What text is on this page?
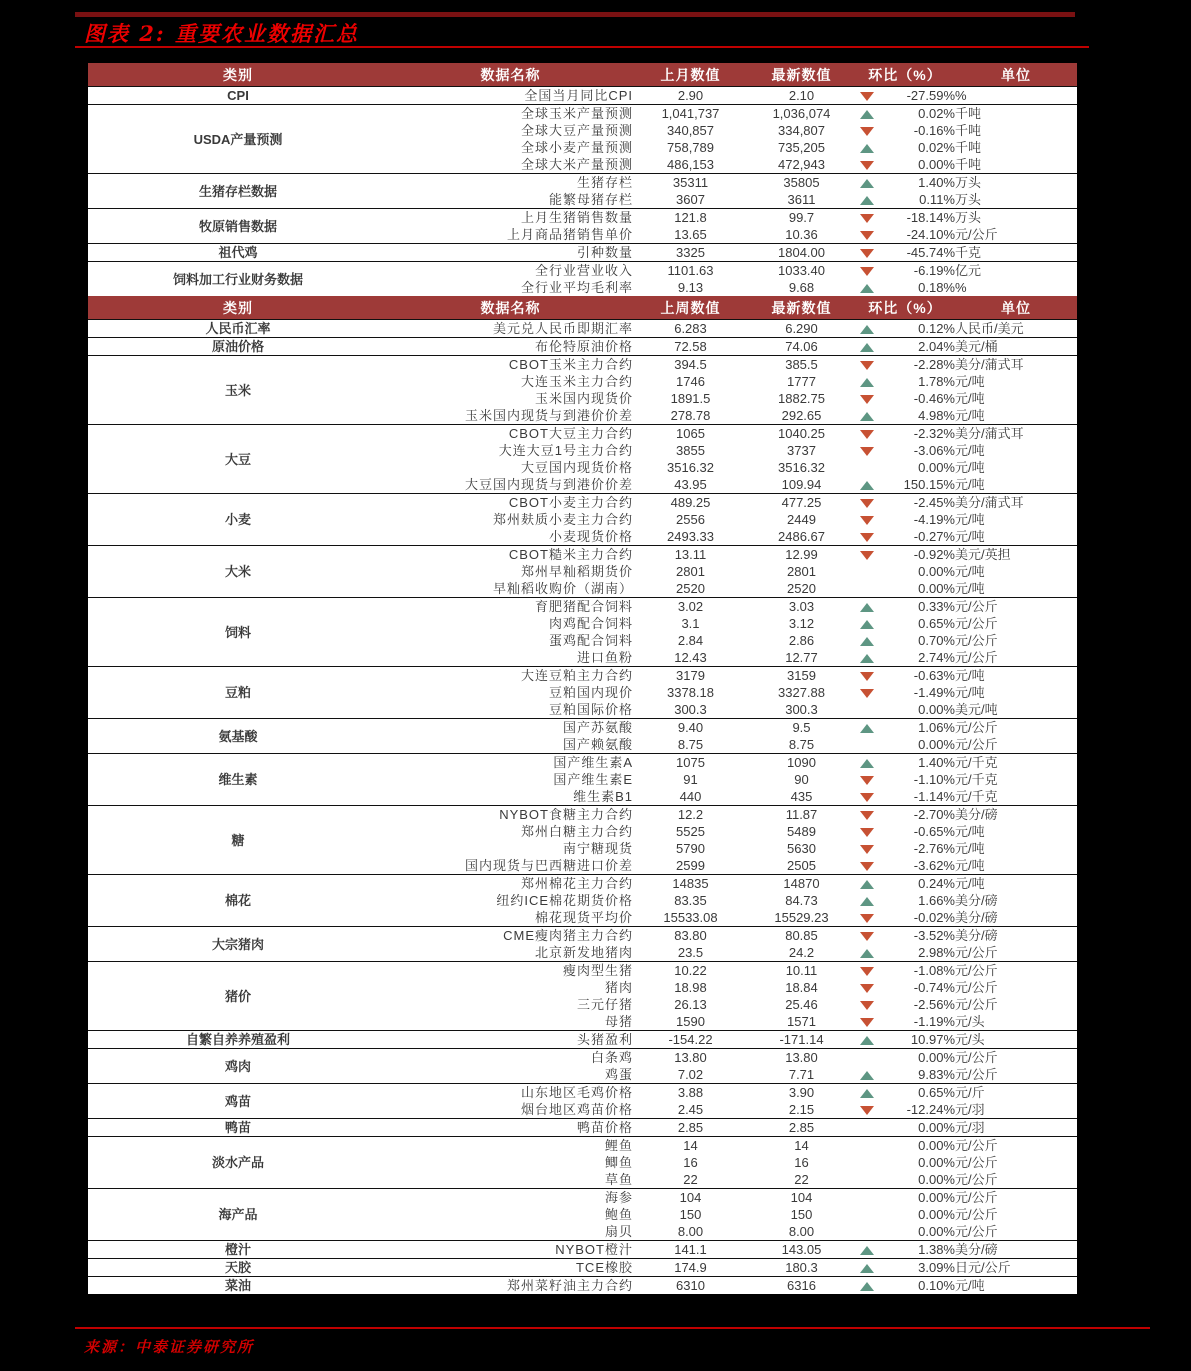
图表 2: 重要农业数据汇总
类别	数据名称	上月数值	最新数值	环比（%）	单位
CPI	全国当月同比CPI	2.90	2.10	-27.59%	%
USDA产量预测	全球玉米产量预测	1,041,737	1,036,074	0.02%	千吨
	全球大豆产量预测	340,857	334,807	-0.16%	千吨
	全球小麦产量预测	758,789	735,205	0.02%	千吨
	全球大米产量预测	486,153	472,943	0.00%	千吨
生猪存栏数据	生猪存栏	35311	35805	1.40%	万头
	能繁母猪存栏	3607	3611	0.11%	万头
牧原销售数据	上月生猪销售数量	121.8	99.7	-18.14%	万头
	上月商品猪销售单价	13.65	10.36	-24.10%	元/公斤
祖代鸡	引种数量	3325	1804.00	-45.74%	千克
饲料加工行业财务数据	全行业营业收入	1101.63	1033.40	-6.19%	亿元
	全行业平均毛利率	9.13	9.68	0.18%	%
类别	数据名称	上周数值	最新数值	环比（%）	单位
人民币汇率	美元兑人民币即期汇率	6.283	6.290	0.12%	人民币/美元
原油价格	布伦特原油价格	72.58	74.06	2.04%	美元/桶
玉米	CBOT玉米主力合约	394.5	385.5	-2.28%	美分/蒲式耳
	大连玉米主力合约	1746	1777	1.78%	元/吨
	玉米国内现货价	1891.5	1882.75	-0.46%	元/吨
	玉米国内现货与到港价价差	278.78	292.65	4.98%	元/吨
大豆	CBOT大豆主力合约	1065	1040.25	-2.32%	美分/蒲式耳
	大连大豆1号主力合约	3855	3737	-3.06%	元/吨
	大豆国内现货价格	3516.32	3516.32	0.00%	元/吨
	大豆国内现货与到港价价差	43.95	109.94	150.15%	元/吨
小麦	CBOT小麦主力合约	489.25	477.25	-2.45%	美分/蒲式耳
	郑州麸质小麦主力合约	2556	2449	-4.19%	元/吨
	小麦现货价格	2493.33	2486.67	-0.27%	元/吨
大米	CBOT糙米主力合约	13.11	12.99	-0.92%	美元/英担
	郑州早籼稻期货价	2801	2801	0.00%	元/吨
	早籼稻收购价（湖南）	2520	2520	0.00%	元/吨
饲料	育肥猪配合饲料	3.02	3.03	0.33%	元/公斤
	肉鸡配合饲料	3.1	3.12	0.65%	元/公斤
	蛋鸡配合饲料	2.84	2.86	0.70%	元/公斤
	进口鱼粉	12.43	12.77	2.74%	元/公斤
豆粕	大连豆粕主力合约	3179	3159	-0.63%	元/吨
	豆粕国内现价	3378.18	3327.88	-1.49%	元/吨
	豆粕国际价格	300.3	300.3	0.00%	美元/吨
氨基酸	国产苏氨酸	9.40	9.5	1.06%	元/公斤
	国产赖氨酸	8.75	8.75	0.00%	元/公斤
维生素	国产维生素A	1075	1090	1.40%	元/千克
	国产维生素E	91	90	-1.10%	元/千克
	维生素B1	440	435	-1.14%	元/千克
糖	NYBOT食糖主力合约	12.2	11.87	-2.70%	美分/磅
	郑州白糖主力合约	5525	5489	-0.65%	元/吨
	南宁糖现货	5790	5630	-2.76%	元/吨
	国内现货与巴西糖进口价差	2599	2505	-3.62%	元/吨
棉花	郑州棉花主力合约	14835	14870	0.24%	元/吨
	纽约ICE棉花期货价格	83.35	84.73	1.66%	美分/磅
	棉花现货平均价	15533.08	15529.23	-0.02%	美分/磅
大宗猪肉	CME瘦肉猪主力合约	83.80	80.85	-3.52%	美分/磅
	北京新发地猪肉	23.5	24.2	2.98%	元/公斤
猪价	瘦肉型生猪	10.22	10.11	-1.08%	元/公斤
	猪肉	18.98	18.84	-0.74%	元/公斤
	三元仔猪	26.13	25.46	-2.56%	元/公斤
	母猪	1590	1571	-1.19%	元/头
自繁自养养殖盈利	头猪盈利	-154.22	-171.14	10.97%	元/头
鸡肉	白条鸡	13.80	13.80	0.00%	元/公斤
	鸡蛋	7.02	7.71	9.83%	元/公斤
鸡苗	山东地区毛鸡价格	3.88	3.90	0.65%	元/斤
	烟台地区鸡苗价格	2.45	2.15	-12.24%	元/羽
鸭苗	鸭苗价格	2.85	2.85	0.00%	元/羽
淡水产品	鲤鱼	14	14	0.00%	元/公斤
	鲫鱼	16	16	0.00%	元/公斤
	草鱼	22	22	0.00%	元/公斤
海产品	海参	104	104	0.00%	元/公斤
	鲍鱼	150	150	0.00%	元/公斤
	扇贝	8.00	8.00	0.00%	元/公斤
橙汁	NYBOT橙汁	141.1	143.05	1.38%	美分/磅
天胶	TCE橡胶	174.9	180.3	3.09%	日元/公斤
菜油	郑州菜籽油主力合约	6310	6316	0.10%	元/吨
来源：中泰证券研究所
